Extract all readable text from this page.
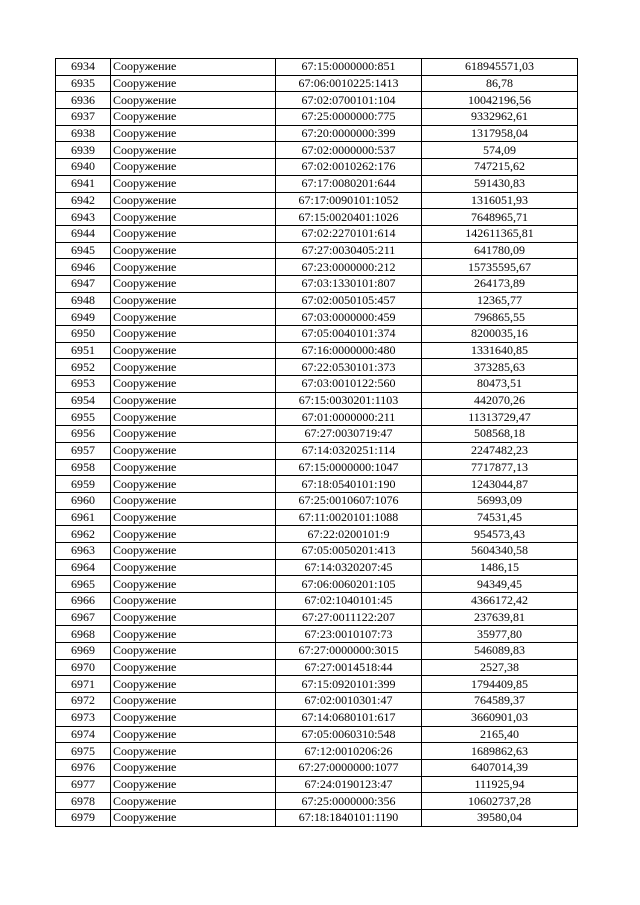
6934	Сооружение	67:15:0000000:851	618945571,03
6935	Сооружение	67:06:0010225:1413	86,78
6936	Сооружение	67:02:0700101:104	10042196,56
6937	Сооружение	67:25:0000000:775	9332962,61
6938	Сооружение	67:20:0000000:399	1317958,04
6939	Сооружение	67:02:0000000:537	574,09
6940	Сооружение	67:02:0010262:176	747215,62
6941	Сооружение	67:17:0080201:644	591430,83
6942	Сооружение	67:17:0090101:1052	1316051,93
6943	Сооружение	67:15:0020401:1026	7648965,71
6944	Сооружение	67:02:2270101:614	142611365,81
6945	Сооружение	67:27:0030405:211	641780,09
6946	Сооружение	67:23:0000000:212	15735595,67
6947	Сооружение	67:03:1330101:807	264173,89
6948	Сооружение	67:02:0050105:457	12365,77
6949	Сооружение	67:03:0000000:459	796865,55
6950	Сооружение	67:05:0040101:374	8200035,16
6951	Сооружение	67:16:0000000:480	1331640,85
6952	Сооружение	67:22:0530101:373	373285,63
6953	Сооружение	67:03:0010122:560	80473,51
6954	Сооружение	67:15:0030201:1103	442070,26
6955	Сооружение	67:01:0000000:211	11313729,47
6956	Сооружение	67:27:0030719:47	508568,18
6957	Сооружение	67:14:0320251:114	2247482,23
6958	Сооружение	67:15:0000000:1047	7717877,13
6959	Сооружение	67:18:0540101:190	1243044,87
6960	Сооружение	67:25:0010607:1076	56993,09
6961	Сооружение	67:11:0020101:1088	74531,45
6962	Сооружение	67:22:0200101:9	954573,43
6963	Сооружение	67:05:0050201:413	5604340,58
6964	Сооружение	67:14:0320207:45	1486,15
6965	Сооружение	67:06:0060201:105	94349,45
6966	Сооружение	67:02:1040101:45	4366172,42
6967	Сооружение	67:27:0011122:207	237639,81
6968	Сооружение	67:23:0010107:73	35977,80
6969	Сооружение	67:27:0000000:3015	546089,83
6970	Сооружение	67:27:0014518:44	2527,38
6971	Сооружение	67:15:0920101:399	1794409,85
6972	Сооружение	67:02:0010301:47	764589,37
6973	Сооружение	67:14:0680101:617	3660901,03
6974	Сооружение	67:05:0060310:548	2165,40
6975	Сооружение	67:12:0010206:26	1689862,63
6976	Сооружение	67:27:0000000:1077	6407014,39
6977	Сооружение	67:24:0190123:47	111925,94
6978	Сооружение	67:25:0000000:356	10602737,28
6979	Сооружение	67:18:1840101:1190	39580,04
